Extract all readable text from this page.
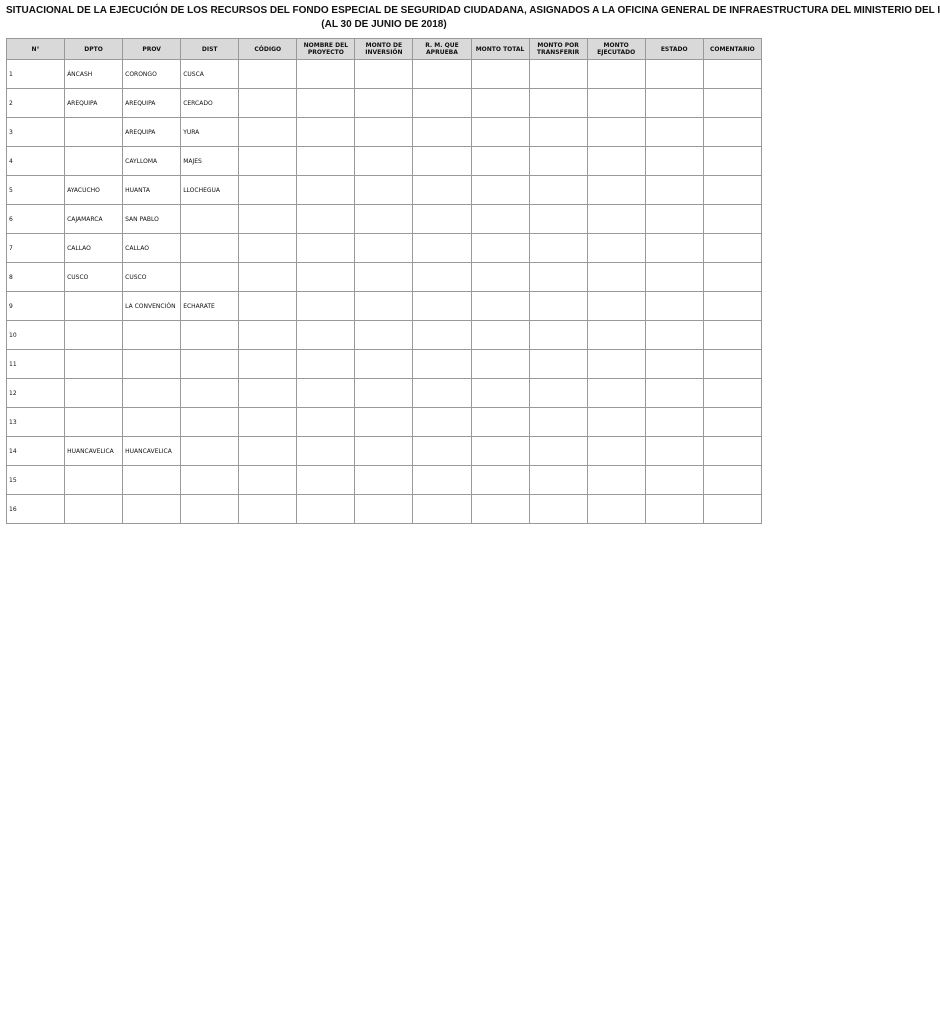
SITUACIONAL DE LA EJECUCIÓN DE LOS RECURSOS DEL FONDO ESPECIAL DE SEGURIDAD CIUDADANA, ASIGNADOS A LA OFICINA GENERAL DE INFRAESTRUCTURA DEL MINISTERIO DEL I
(AL 30 DE JUNIO DE 2018)
N°	DPTO	PROV	DIST	CÓDIGO	NOMBRE DEL PROYECTO	MONTO DE INVERSIÓN	R. M. QUE APRUEBA	MONTO TOTAL	MONTO POR TRANSFERIR	MONTO EJECUTADO	ESTADO	COMENTARIO
1	ÁNCASH	CORONGO	CUSCA									
2	AREQUIPA	AREQUIPA	CERCADO									
3		AREQUIPA	YURA									
4		CAYLLOMA	MAJES									
5	AYACUCHO	HUANTA	LLOCHEGUA									
6	CAJAMARCA	SAN PABLO										
7	CALLAO	CALLAO										
8	CUSCO	CUSCO										
9		LA CONVENCIÓN	ECHARATE									
10												
11												
12												
13												
14	HUANCAVELICA	HUANCAVELICA										
15												
16												
